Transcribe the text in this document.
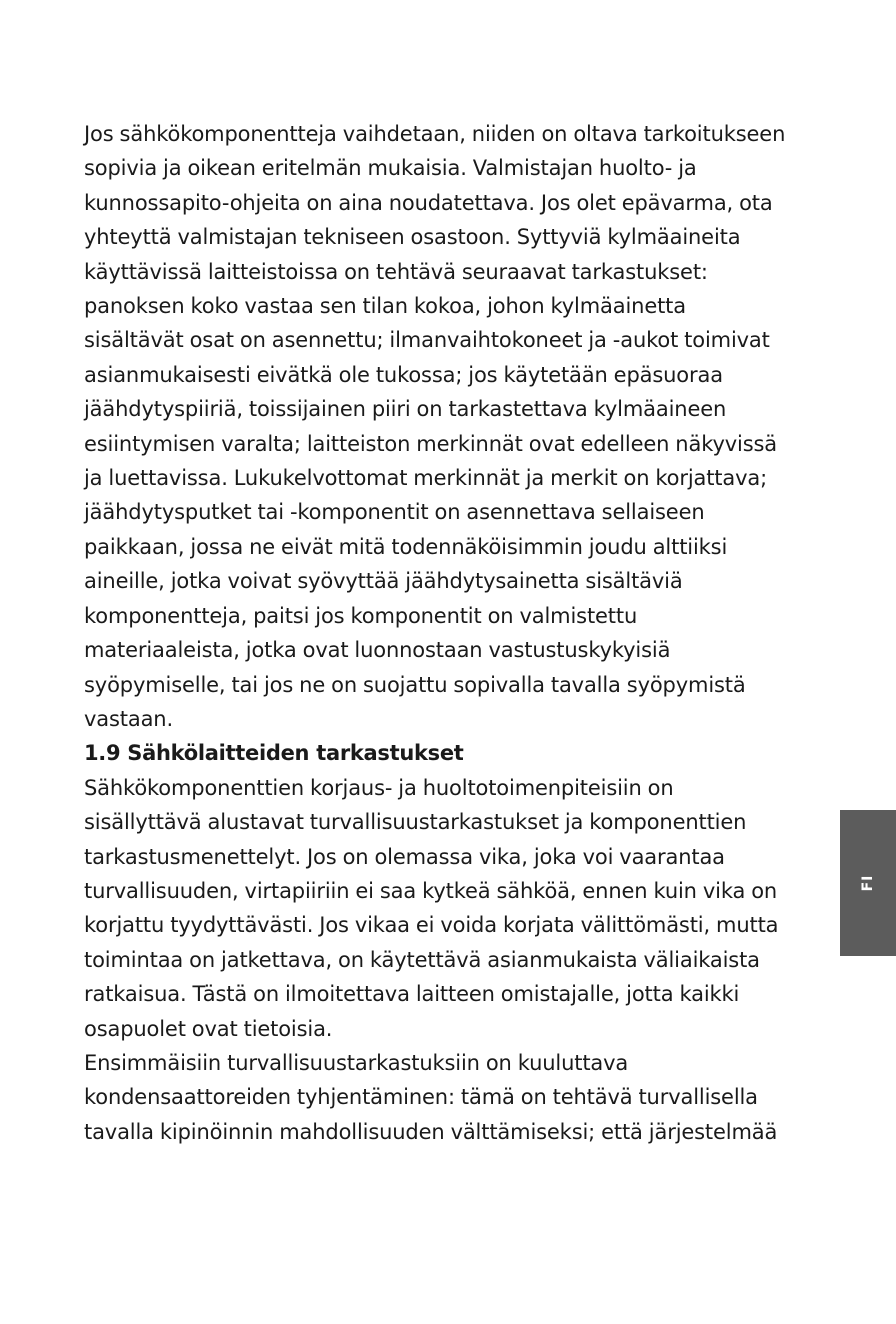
Jos sähkökomponentteja vaihdetaan, niiden on oltava tarkoitukseen
sopivia ja oikean eritelmän mukaisia. Valmistajan huolto- ja
kunnossapito-ohjeita on aina noudatettava. Jos olet epävarma, ota
yhteyttä valmistajan tekniseen osastoon. Syttyviä kylmäaineita
käyttävissä laitteistoissa on tehtävä seuraavat tarkastukset:
panoksen koko vastaa sen tilan kokoa, johon kylmäainetta
sisältävät osat on asennettu; ilmanvaihtokoneet ja -aukot toimivat
asianmukaisesti eivätkä ole tukossa; jos käytetään epäsuoraa
jäähdytyspiiriä, toissijainen piiri on tarkastettava kylmäaineen
esiintymisen varalta; laitteiston merkinnät ovat edelleen näkyvissä
ja luettavissa. Lukukelvottomat merkinnät ja merkit on korjattava;
jäähdytysputket tai -komponentit on asennettava sellaiseen
paikkaan, jossa ne eivät mitä todennäköisimmin joudu alttiiksi
aineille, jotka voivat syövyttää jäähdytysainetta sisältäviä
komponentteja, paitsi jos komponentit on valmistettu
materiaaleista, jotka ovat luonnostaan vastustuskykyisiä
syöpymiselle, tai jos ne on suojattu sopivalla tavalla syöpymistä
vastaan.
1.9 Sähkölaitteiden tarkastukset
Sähkökomponenttien korjaus- ja huoltotoimenpiteisiin on
sisällyttävä alustavat turvallisuustarkastukset ja komponenttien
tarkastusmenettelyt. Jos on olemassa vika, joka voi vaarantaa
turvallisuuden, virtapiiriin ei saa kytkeä sähköä, ennen kuin vika on
korjattu tyydyttävästi. Jos vikaa ei voida korjata välittömästi, mutta
toimintaa on jatkettava, on käytettävä asianmukaista väliaikaista
ratkaisua. Tästä on ilmoitettava laitteen omistajalle, jotta kaikki
osapuolet ovat tietoisia.
Ensimmäisiin turvallisuustarkastuksiin on kuuluttava
kondensaattoreiden tyhjentäminen: tämä on tehtävä turvallisella
tavalla kipinöinnin mahdollisuuden välttämiseksi; että järjestelmää
FI
